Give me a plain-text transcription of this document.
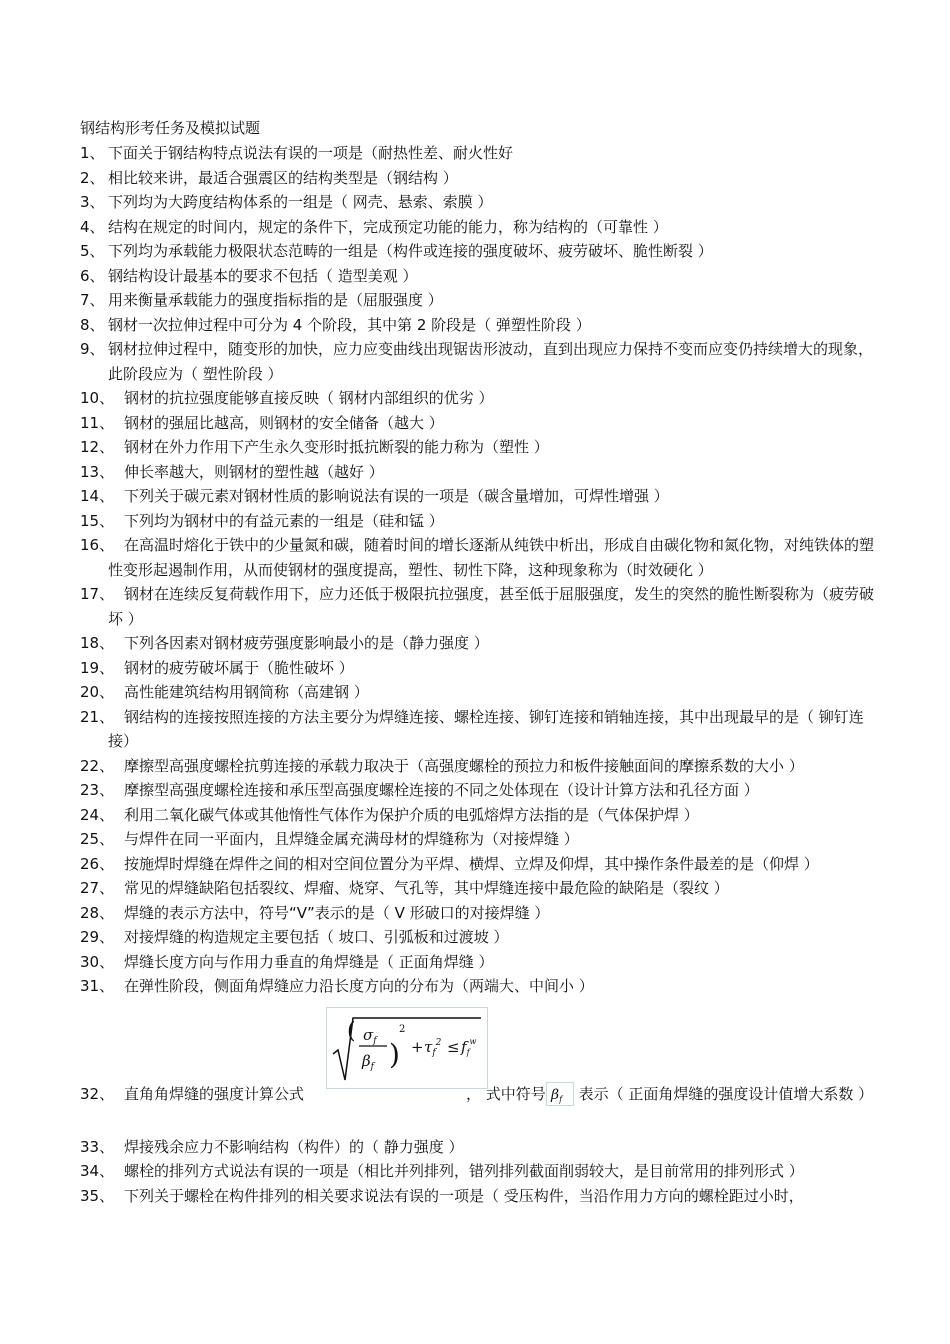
钢结构形考任务及模拟试题
1、 下面关于钢结构特点说法有误的一项是（耐热性差、耐火性好
2、 相比较来讲，最适合强震区的结构类型是（钢结构 ）
3、 下列均为大跨度结构体系的一组是（ 网壳、悬索、索膜 ）
4、 结构在规定的时间内，规定的条件下，完成预定功能的能力，称为结构的（可靠性 ）
5、 下列均为承载能力极限状态范畴的一组是（构件或连接的强度破坏、疲劳破坏、脆性断裂 ）
6、 钢结构设计最基本的要求不包括（ 造型美观 ）
7、 用来衡量承载能力的强度指标指的是（屈服强度 ）
8、 钢材一次拉伸过程中可分为 4 个阶段，其中第 2 阶段是（ 弹塑性阶段 ）
9、 钢材拉伸过程中，随变形的加快，应力应变曲线出现锯齿形波动，直到出现应力保持不变而应变仍持续增大的现象，此阶段应为（ 塑性阶段 ）
10、 钢材的抗拉强度能够直接反映（ 钢材内部组织的优劣 ）
11、 钢材的强屈比越高，则钢材的安全储备（越大 ）
12、 钢材在外力作用下产生永久变形时抵抗断裂的能力称为（塑性 ）
13、 伸长率越大，则钢材的塑性越（越好 ）
14、 下列关于碳元素对钢材性质的影响说法有误的一项是（碳含量增加，可焊性增强 ）
15、 下列均为钢材中的有益元素的一组是（硅和锰 ）
16、 在高温时熔化于铁中的少量氮和碳，随着时间的增长逐渐从纯铁中析出，形成自由碳化物和氮化物，对纯铁体的塑性变形起遏制作用，从而使钢材的强度提高，塑性、韧性下降，这种现象称为（时效硬化 ）
17、 钢材在连续反复荷载作用下，应力还低于极限抗拉强度，甚至低于屈服强度，发生的突然的脆性断裂称为（疲劳破坏 ）
18、 下列各因素对钢材疲劳强度影响最小的是（静力强度 ）
19、 钢材的疲劳破坏属于（脆性破坏 ）
20、 高性能建筑结构用钢简称（高建钢 ）
21、 钢结构的连接按照连接的方法主要分为焊缝连接、螺栓连接、铆钉连接和销轴连接，其中出现最早的是（ 铆钉连接）
22、 摩擦型高强度螺栓抗剪连接的承载力取决于（高强度螺栓的预拉力和板件接触面间的摩擦系数的大小 ）
23、 摩擦型高强度螺栓连接和承压型高强度螺栓连接的不同之处体现在（设计计算方法和孔径方面 ）
24、 利用二氧化碳气体或其他惰性气体作为保护介质的电弧熔焊方法指的是（气体保护焊 ）
25、 与焊件在同一平面内，且焊缝金属充满母材的焊缝称为（对接焊缝 ）
26、 按施焊时焊缝在焊件之间的相对空间位置分为平焊、横焊、立焊及仰焊，其中操作条件最差的是（仰焊 ）
27、 常见的焊缝缺陷包括裂纹、焊瘤、烧穿、气孔等，其中焊缝连接中最危险的缺陷是（裂纹 ）
28、 焊缝的表示方法中，符号“V”表示的是（ V 形破口的对接焊缝 ）
29、 对接焊缝的构造规定主要包括（ 坡口、引弧板和过渡坡 ）
30、 焊缝长度方向与作用力垂直的角焊缝是（ 正面角焊缝 ）
31、 在弹性阶段，侧面角焊缝应力沿长度方向的分布为（两端大、中间小 ）
( $\sigma_f$
$\beta_f$ )
2
+ $\tau_f^2 \le f_f^w$
32、 直角角焊缝的强度计算公式	， 式中符号 $\beta_f$ 表示（ 正面角焊缝的强度设计值增大系数 ）
33、 焊接残余应力不影响结构（构件）的（ 静力强度 ）
34、 螺栓的排列方式说法有误的一项是（相比并列排列，错列排列截面削弱较大，是目前常用的排列形式 ）
35、 下列关于螺栓在构件排列的相关要求说法有误的一项是（ 受压构件，当沿作用力方向的螺栓距过小时，
